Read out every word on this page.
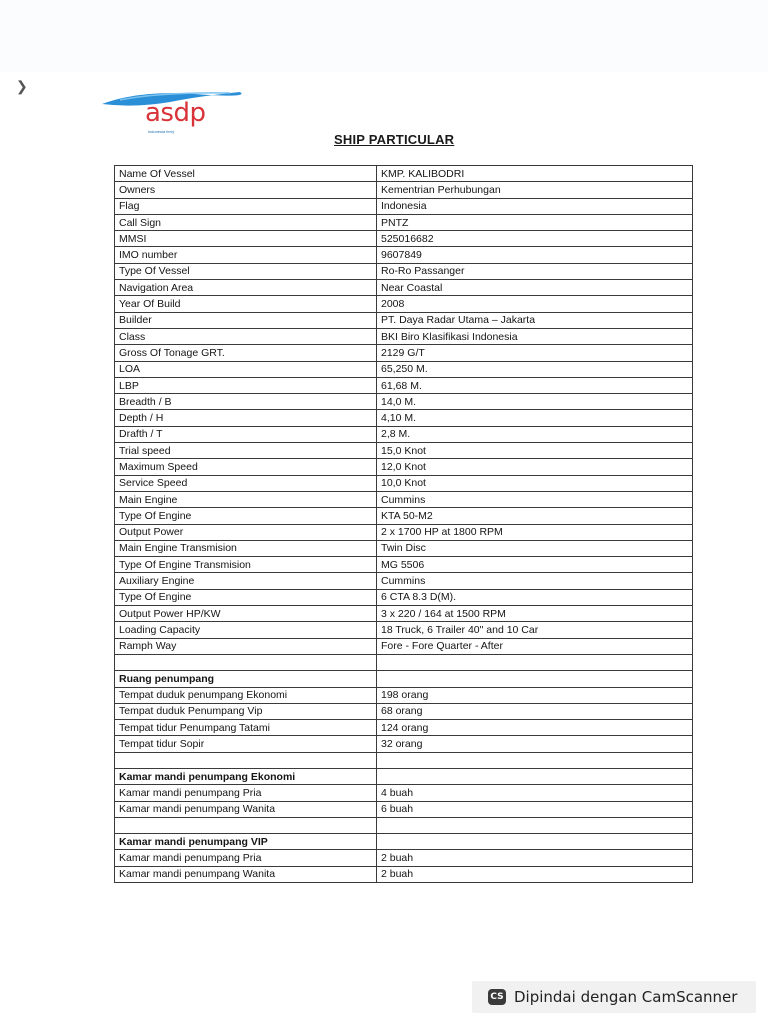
❯
asdp
indonesia ferry
SHIP PARTICULAR
Name Of Vessel	KMP. KALIBODRI
Owners	Kementrian Perhubungan
Flag	Indonesia
Call Sign	PNTZ
MMSI	525016682
IMO number	9607849
Type Of Vessel	Ro-Ro Passanger
Navigation Area	Near Coastal
Year Of Build	2008
Builder	PT. Daya Radar Utama – Jakarta
Class	BKI Biro Klasifikasi Indonesia
Gross Of Tonage GRT.	2129 G/T
LOA	65,250 M.
LBP	61,68 M.
Breadth / B	14,0 M.
Depth / H	4,10 M.
Drafth / T	2,8 M.
Trial speed	15,0 Knot
Maximum Speed	12,0 Knot
Service Speed	10,0 Knot
Main Engine	Cummins
Type Of Engine	KTA 50-M2
Output Power	2 x 1700 HP at 1800 RPM
Main Engine Transmision	Twin Disc
Type Of Engine Transmision	MG 5506
Auxiliary Engine	Cummins
Type Of Engine	6 CTA 8.3 D(M).
Output Power HP/KW	3 x 220 / 164 at 1500 RPM
Loading Capacity	18 Truck, 6 Trailer 40" and 10 Car
Ramph Way	Fore - Fore Quarter - After

Ruang penumpang	
Tempat duduk penumpang Ekonomi	198 orang
Tempat duduk Penumpang Vip	68 orang
Tempat tidur Penumpang Tatami	124 orang
Tempat tidur Sopir	32 orang

Kamar mandi penumpang Ekonomi	
Kamar mandi penumpang Pria	4 buah
Kamar mandi penumpang Wanita	6 buah

Kamar mandi penumpang VIP	
Kamar mandi penumpang Pria	2 buah
Kamar mandi penumpang Wanita	2 buah
CS Dipindai dengan CamScanner
